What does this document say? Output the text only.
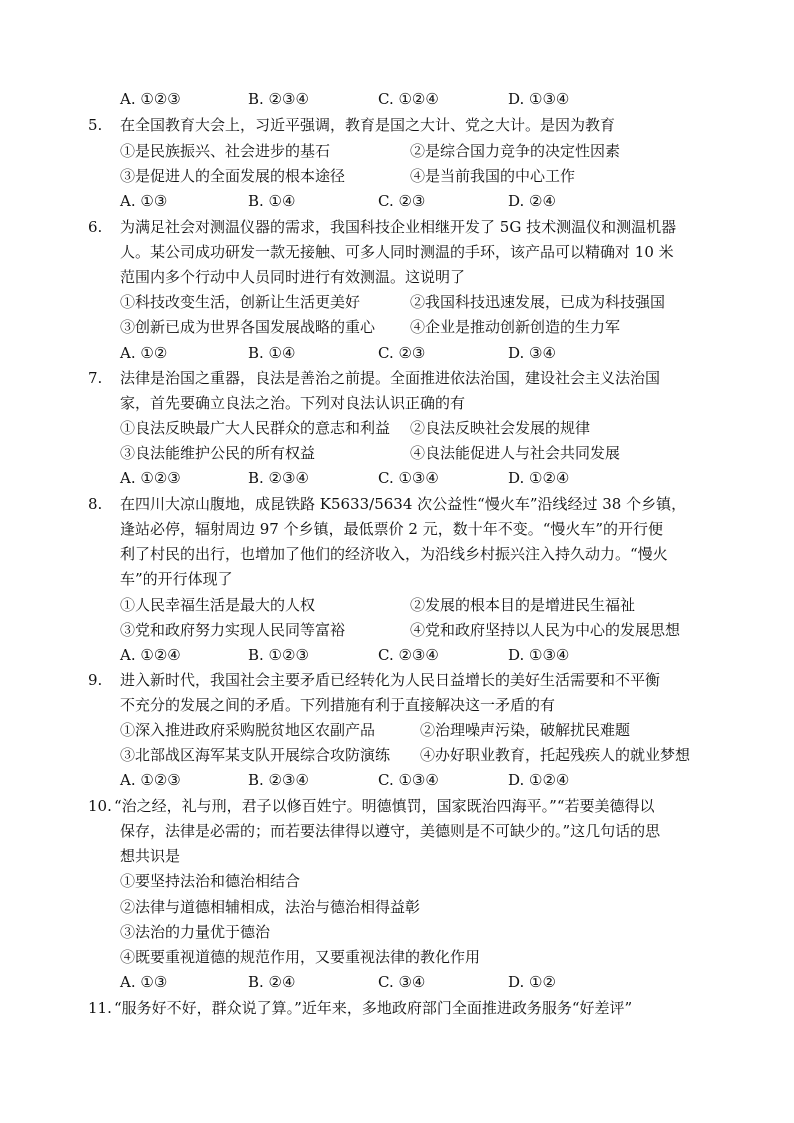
A. ①②③	B. ②③④	C. ①②④	D. ①③④
5.	在全国教育大会上，习近平强调，教育是国之大计、党之大计。是因为教育
①是民族振兴、社会进步的基石	②是综合国力竞争的决定性因素
③是促进人的全面发展的根本途径	④是当前我国的中心工作
A. ①③	B. ①④	C. ②③	D. ②④
6.	为满足社会对测温仪器的需求，我国科技企业相继开发了 5G 技术测温仪和测温机器
人。某公司成功研发一款无接触、可多人同时测温的手环，该产品可以精确对 10 米
范围内多个行动中人员同时进行有效测温。这说明了
①科技改变生活，创新让生活更美好	②我国科技迅速发展，已成为科技强国
③创新已成为世界各国发展战略的重心 ④企业是推动创新创造的生力军
A. ①②	B. ①④	C. ②③	D. ③④
7.	法律是治国之重器，良法是善治之前提。全面推进依法治国，建设社会主义法治国
家，首先要确立良法之治。下列对良法认识正确的有
①良法反映最广大人民群众的意志和利益 ②良法反映社会发展的规律
③良法能维护公民的所有权益	④良法能促进人与社会共同发展
A. ①②③	B. ②③④	C. ①③④	D. ①②④
8.	在四川大凉山腹地，成昆铁路 K5633/5634 次公益性“慢火车”沿线经过 38 个乡镇，
逢站必停，辐射周边 97 个乡镇，最低票价 2 元，数十年不变。“慢火车”的开行便
利了村民的出行，也增加了他们的经济收入，为沿线乡村振兴注入持久动力。“慢火
车”的开行体现了
①人民幸福生活是最大的人权	②发展的根本目的是增进民生福祉
③党和政府努力实现人民同等富裕	④党和政府坚持以人民为中心的发展思想
A. ①②④	B. ①②③	C. ②③④	D. ①③④
9.	进入新时代，我国社会主要矛盾已经转化为人民日益增长的美好生活需要和不平衡
不充分的发展之间的矛盾。下列措施有利于直接解决这一矛盾的有
①深入推进政府采购脱贫地区农副产品	②治理噪声污染，破解扰民难题
③北部战区海军某支队开展综合攻防演练 ④办好职业教育，托起残疾人的就业梦想
A. ①②③	B. ②③④	C. ①③④	D. ①②④
10. “治之经，礼与刑，君子以修百姓宁。明德慎罚，国家既治四海平。”“若要美德得以
保存，法律是必需的；而若要法律得以遵守，美德则是不可缺少的。”这几句话的思
想共识是
①要坚持法治和德治相结合
②法律与道德相辅相成，法治与德治相得益彰
③法治的力量优于德治
④既要重视道德的规范作用，又要重视法律的教化作用
A. ①③	B. ②④	C. ③④	D. ①②
11. “服务好不好，群众说了算。”近年来，多地政府部门全面推进政务服务“好差评”
